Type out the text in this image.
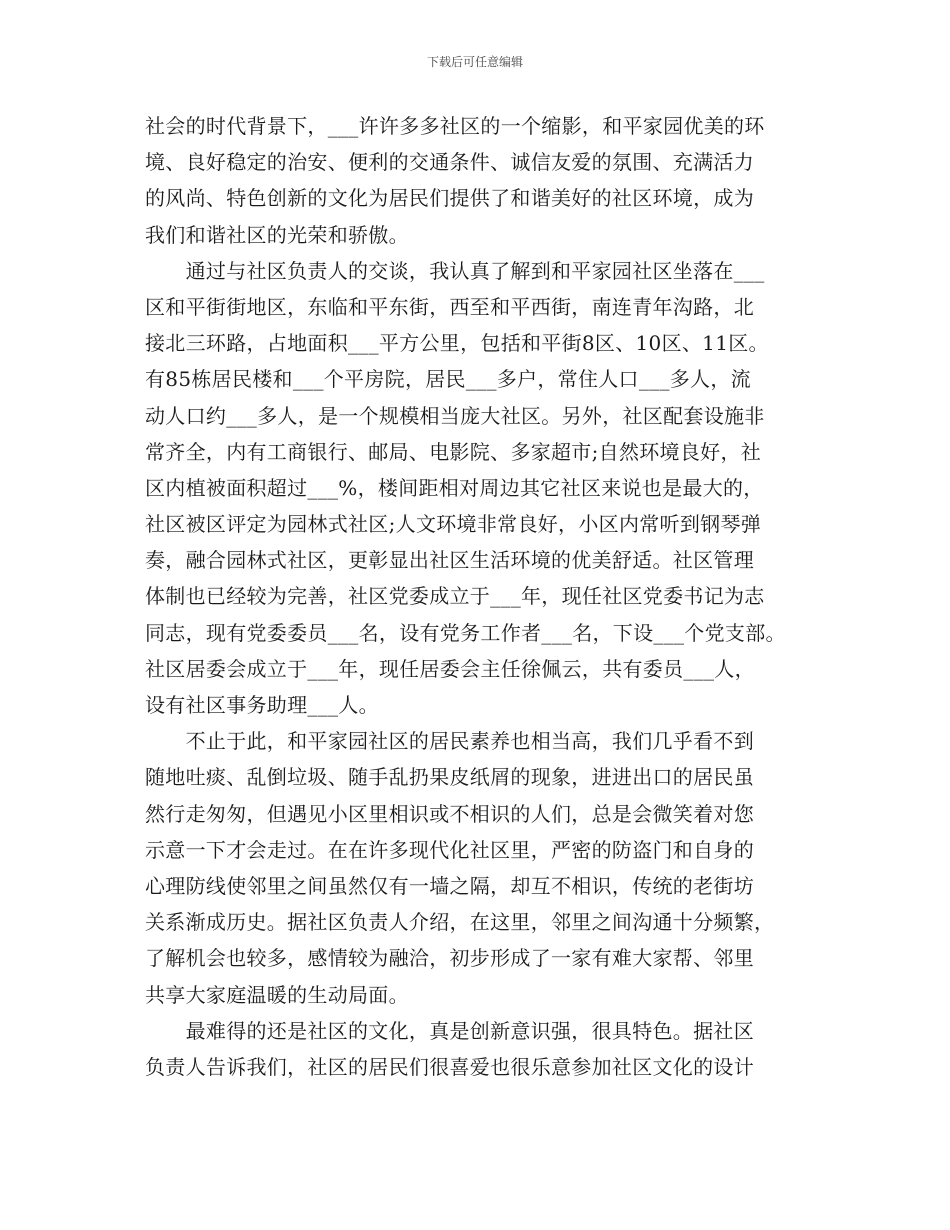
下载后可任意编辑
社会的时代背景下，___许许多多社区的一个缩影，和平家园优美的环
境、良好稳定的治安、便利的交通条件、诚信友爱的氛围、充满活力
的风尚、特色创新的文化为居民们提供了和谐美好的社区环境，成为
我们和谐社区的光荣和骄傲。
　　通过与社区负责人的交谈，我认真了解到和平家园社区坐落在___
区和平街街地区，东临和平东街，西至和平西街，南连青年沟路，北
接北三环路，占地面积___平方公里，包括和平街8区、10区、11区。
有85栋居民楼和___个平房院，居民___多户，常住人口___多人，流
动人口约___多人，是一个规模相当庞大社区。另外，社区配套设施非
常齐全，内有工商银行、邮局、电影院、多家超市;自然环境良好，社
区内植被面积超过___%，楼间距相对周边其它社区来说也是最大的，
社区被区评定为园林式社区;人文环境非常良好，小区内常听到钢琴弹
奏，融合园林式社区，更彰显出社区生活环境的优美舒适。社区管理
体制也已经较为完善，社区党委成立于___年，现任社区党委书记为志
同志，现有党委委员___名，设有党务工作者___名，下设___个党支部。
社区居委会成立于___年，现任居委会主任徐佩云，共有委员___人，
设有社区事务助理___人。
　　不止于此，和平家园社区的居民素养也相当高，我们几乎看不到
随地吐痰、乱倒垃圾、随手乱扔果皮纸屑的现象，进进出口的居民虽
然行走匆匆，但遇见小区里相识或不相识的人们，总是会微笑着对您
示意一下才会走过。在在许多现代化社区里，严密的防盗门和自身的
心理防线使邻里之间虽然仅有一墙之隔，却互不相识，传统的老街坊
关系渐成历史。据社区负责人介绍，在这里，邻里之间沟通十分频繁，
了解机会也较多，感情较为融洽，初步形成了一家有难大家帮、邻里
共享大家庭温暖的生动局面。
　　最难得的还是社区的文化，真是创新意识强，很具特色。据社区
负责人告诉我们，社区的居民们很喜爱也很乐意参加社区文化的设计
